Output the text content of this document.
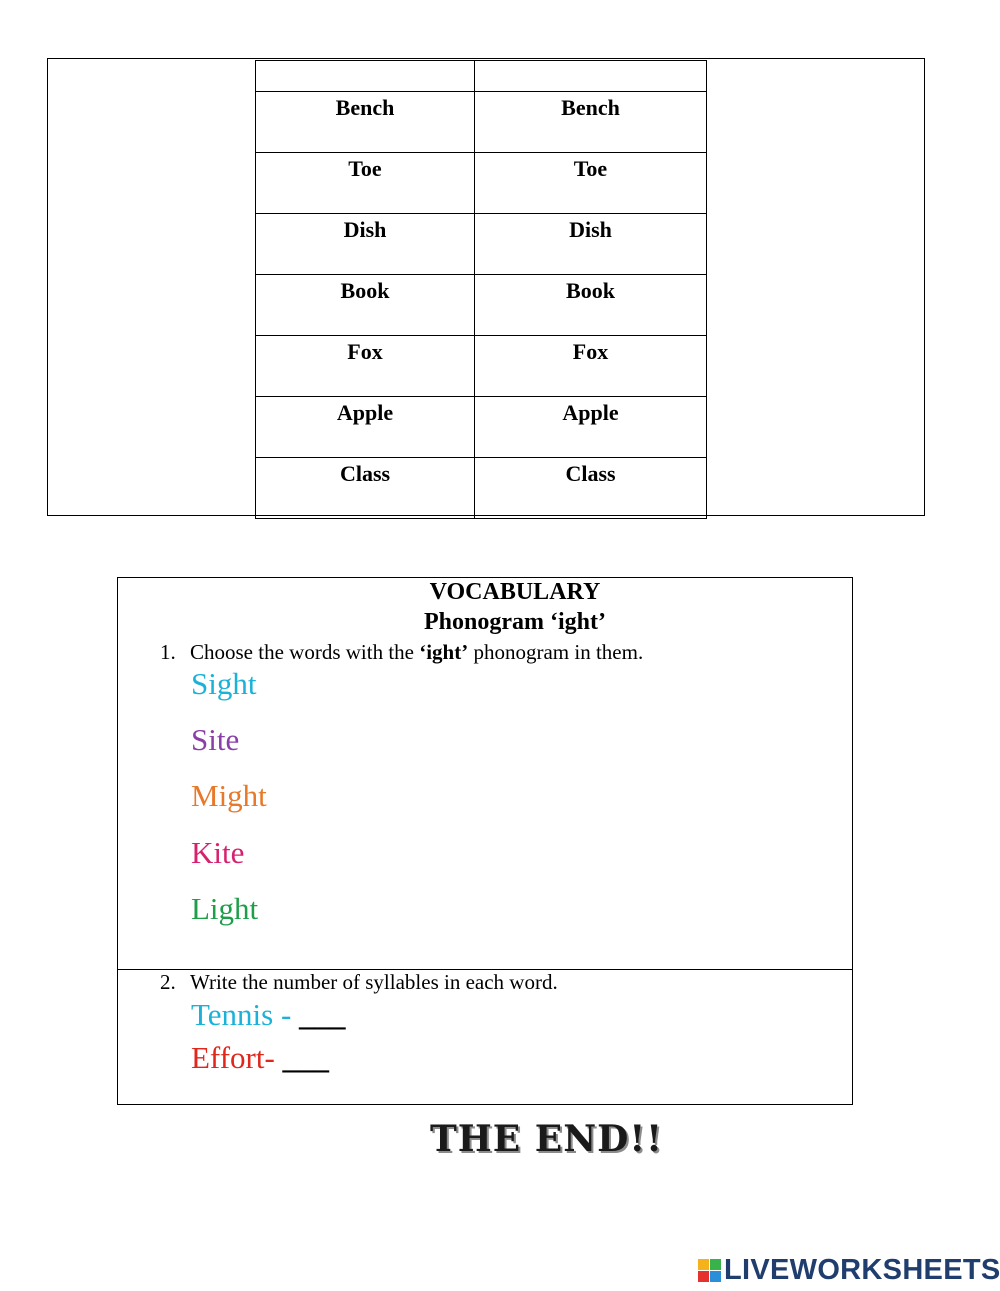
Bench	Bench

Toe	Toe

Dish	Dish

Book	Book

Fox	Fox

Apple	Apple

Class	Class
VOCABULARY
Phonogram ‘ight’
1. Choose the words with the ‘ight’ phonogram in them.
Sight
Site
Might
Kite
Light
2. Write the number of syllables in each word.
Tennis - ___
Effort- ___
THE END!!
LIVEWORKSHEETS
